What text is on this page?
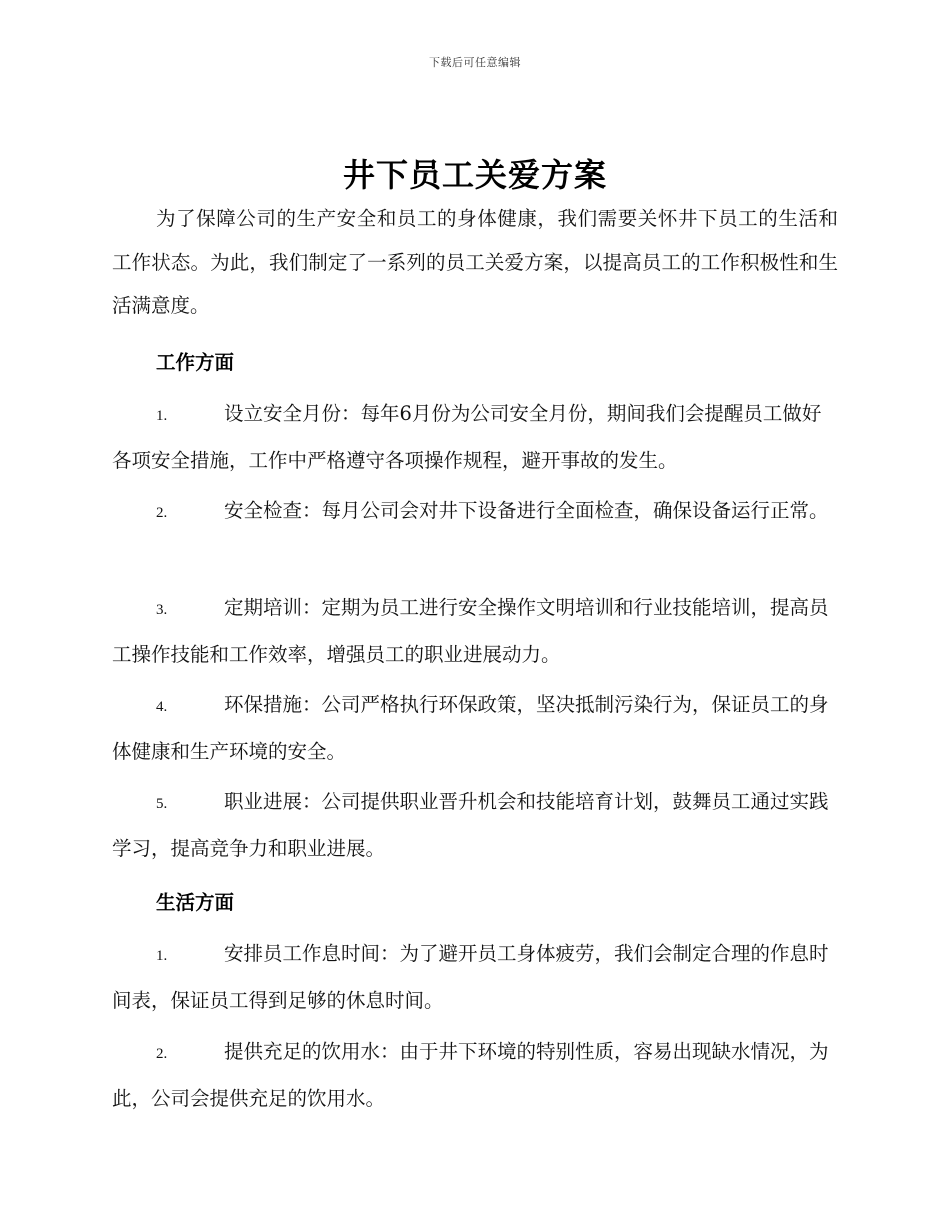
下载后可任意编辑
井下员工关爱方案
为了保障公司的生产安全和员工的身体健康，我们需要关怀井下员工的生活和工作状态。为此，我们制定了一系列的员工关爱方案，以提高员工的工作积极性和生活满意度。
工作方面
1.	设立安全月份：每年6月份为公司安全月份，期间我们会提醒员工做好各项安全措施，工作中严格遵守各项操作规程，避开事故的发生。
2.	安全检查：每月公司会对井下设备进行全面检查，确保设备运行正常。
3.	定期培训：定期为员工进行安全操作文明培训和行业技能培训，提高员工操作技能和工作效率，增强员工的职业进展动力。
4.	环保措施：公司严格执行环保政策，坚决抵制污染行为，保证员工的身体健康和生产环境的安全。
5.	职业进展：公司提供职业晋升机会和技能培育计划，鼓舞员工通过实践学习，提高竞争力和职业进展。
生活方面
1.	安排员工作息时间：为了避开员工身体疲劳，我们会制定合理的作息时间表，保证员工得到足够的休息时间。
2.	提供充足的饮用水：由于井下环境的特别性质，容易出现缺水情况，为此，公司会提供充足的饮用水。
